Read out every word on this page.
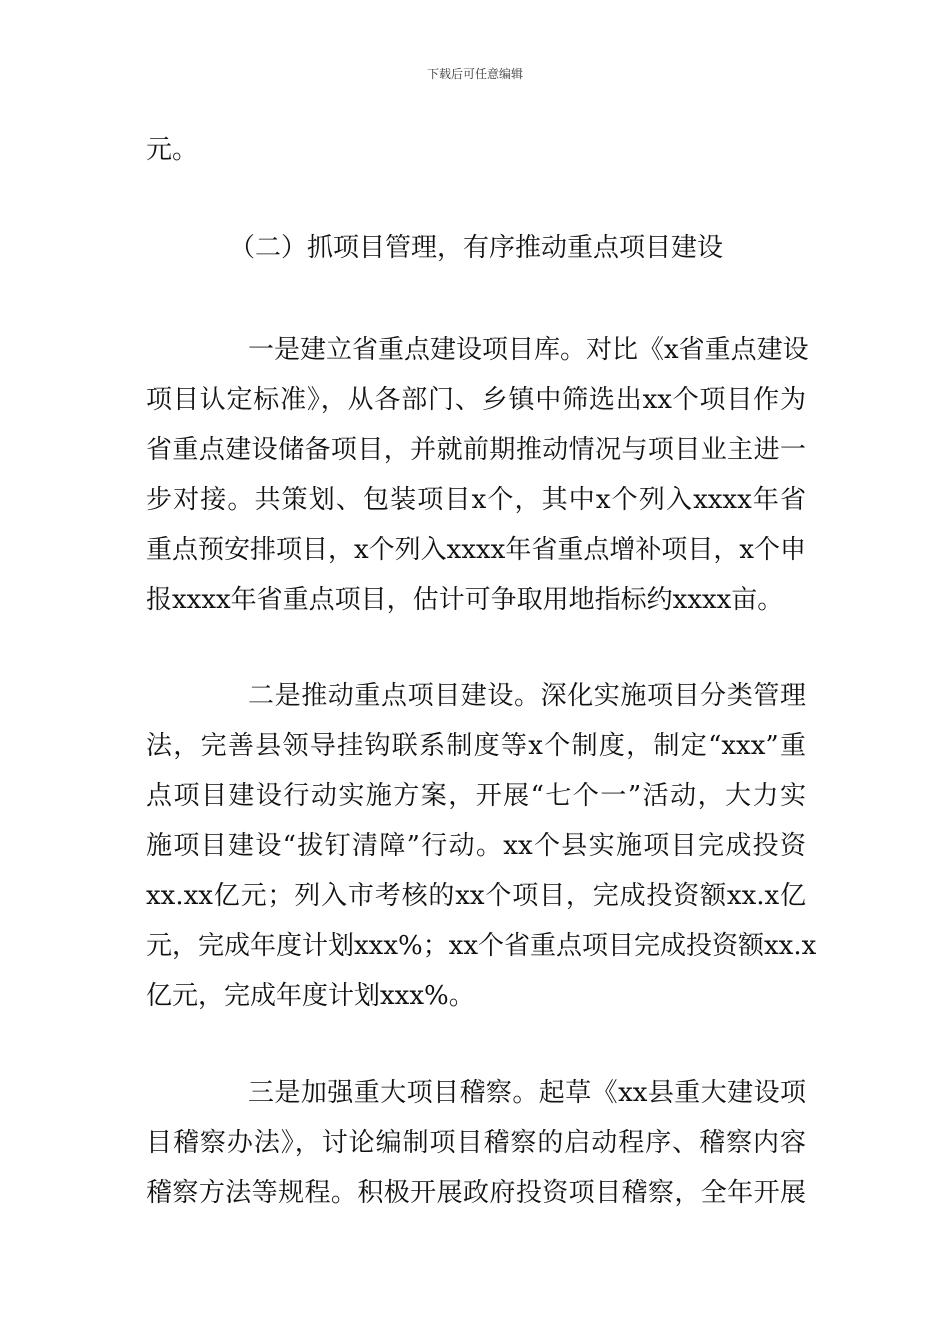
下载后可任意编辑
元。
（二）抓项目管理，有序推动重点项目建设
一是建立省重点建设项目库。对比《x省重点建设
项目认定标准》，从各部门、乡镇中筛选出xx个项目作为
省重点建设储备项目，并就前期推动情况与项目业主进一
步对接。共策划、包装项目x个，其中x个列入xxxx年省
重点预安排项目，x个列入xxxx年省重点增补项目，x个申
报xxxx年省重点项目，估计可争取用地指标约xxxx亩。
二是推动重点项目建设。深化实施项目分类管理
法，完善县领导挂钩联系制度等x个制度，制定“xxx”重
点项目建设行动实施方案，开展“七个一”活动，大力实
施项目建设“拔钉清障”行动。xx个县实施项目完成投资
xx.xx亿元；列入市考核的xx个项目，完成投资额xx.x亿
元，完成年度计划xxx%；xx个省重点项目完成投资额xx.x
亿元，完成年度计划xxx%。
三是加强重大项目稽察。起草《xx县重大建设项
目稽察办法》，讨论编制项目稽察的启动程序、稽察内容
稽察方法等规程。积极开展政府投资项目稽察，全年开展
